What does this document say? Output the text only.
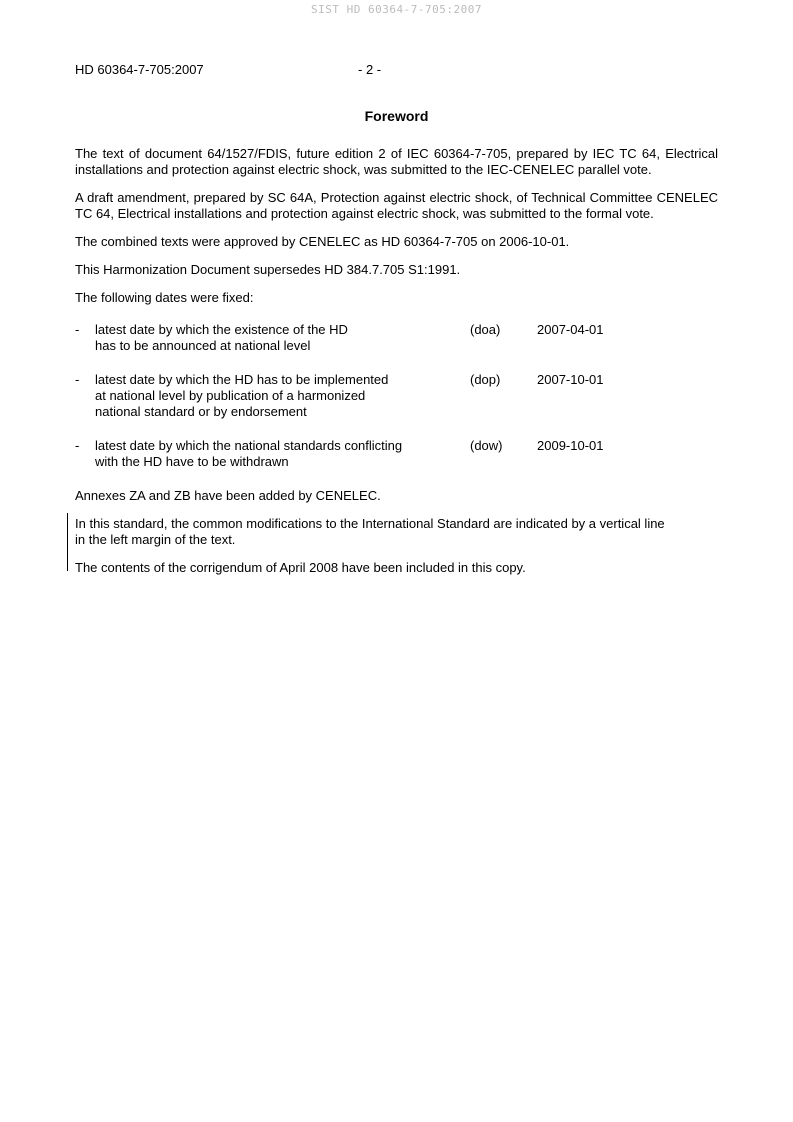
SIST HD 60364-7-705:2007
HD 60364-7-705:2007	- 2 -
Foreword

The text of document 64/1527/FDIS, future edition 2 of IEC 60364-7-705, prepared by IEC TC 64, Electrical installations and protection against electric shock, was submitted to the IEC-CENELEC parallel vote.

A draft amendment, prepared by SC 64A, Protection against electric shock, of Technical Committee CENELEC TC 64, Electrical installations and protection against electric shock, was submitted to the formal vote.

The combined texts were approved by CENELEC as HD 60364-7-705 on 2006-10-01.

This Harmonization Document supersedes HD 384.7.705 S1:1991.

The following dates were fixed:

-	latest date by which the existence of the HD
has to be announced at national level
(doa)	2007-04-01
-	latest date by which the HD has to be implemented
at national level by publication of a harmonized
national standard or by endorsement
(dop)	2007-10-01
-	latest date by which the national standards conflicting
with the HD have to be withdrawn
(dow)	2009-10-01

Annexes ZA and ZB have been added by CENELEC.

In this standard, the common modifications to the International Standard are indicated by a vertical line
in the left margin of the text.

The contents of the corrigendum of April 2008 have been included in this copy.
